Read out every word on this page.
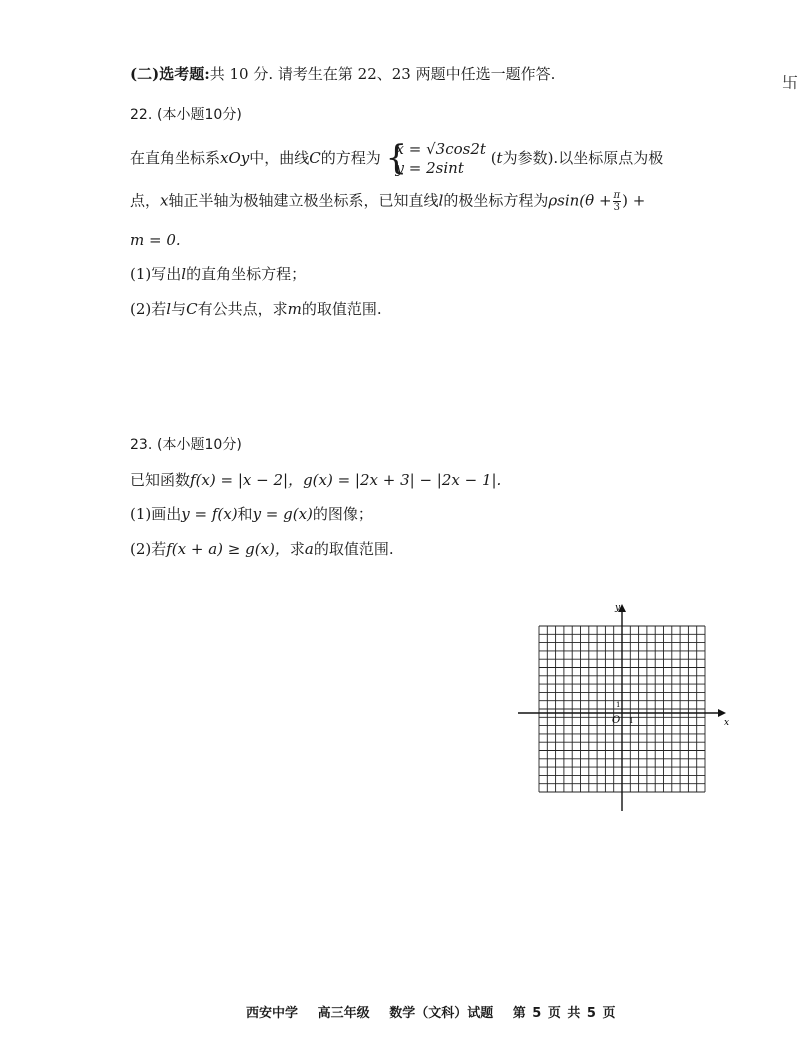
(二)选考题:共 10 分. 请考生在第 22、23 两题中任选一题作答.	卐
22. (本小题10分)
在直角坐标系xOy中，曲线C的方程为 {
x = √3cos2t
y = 2sint
(t为参数).以坐标原点为极
点，x轴正半轴为极轴建立极坐标系，已知直线l的极坐标方程为$\rho\sin(\theta + \frac{\pi}{3}$ ) +
m = 0.
(1)写出l的直角坐标方程；
(2)若l与C有公共点，求m的取值范围.
23. (本小题10分)
已知函数f(x) = |x − 2|，g(x) = |2x + 3| − |2x − 1|.
(1)画出y = f(x)和y = g(x)的图像；
(2)若f(x + a) ≥ g(x)，求a的取值范围.
x
y
O 1
1
西安中学 高三年级 数学（文科）试题 第 5 页 共 5 页
